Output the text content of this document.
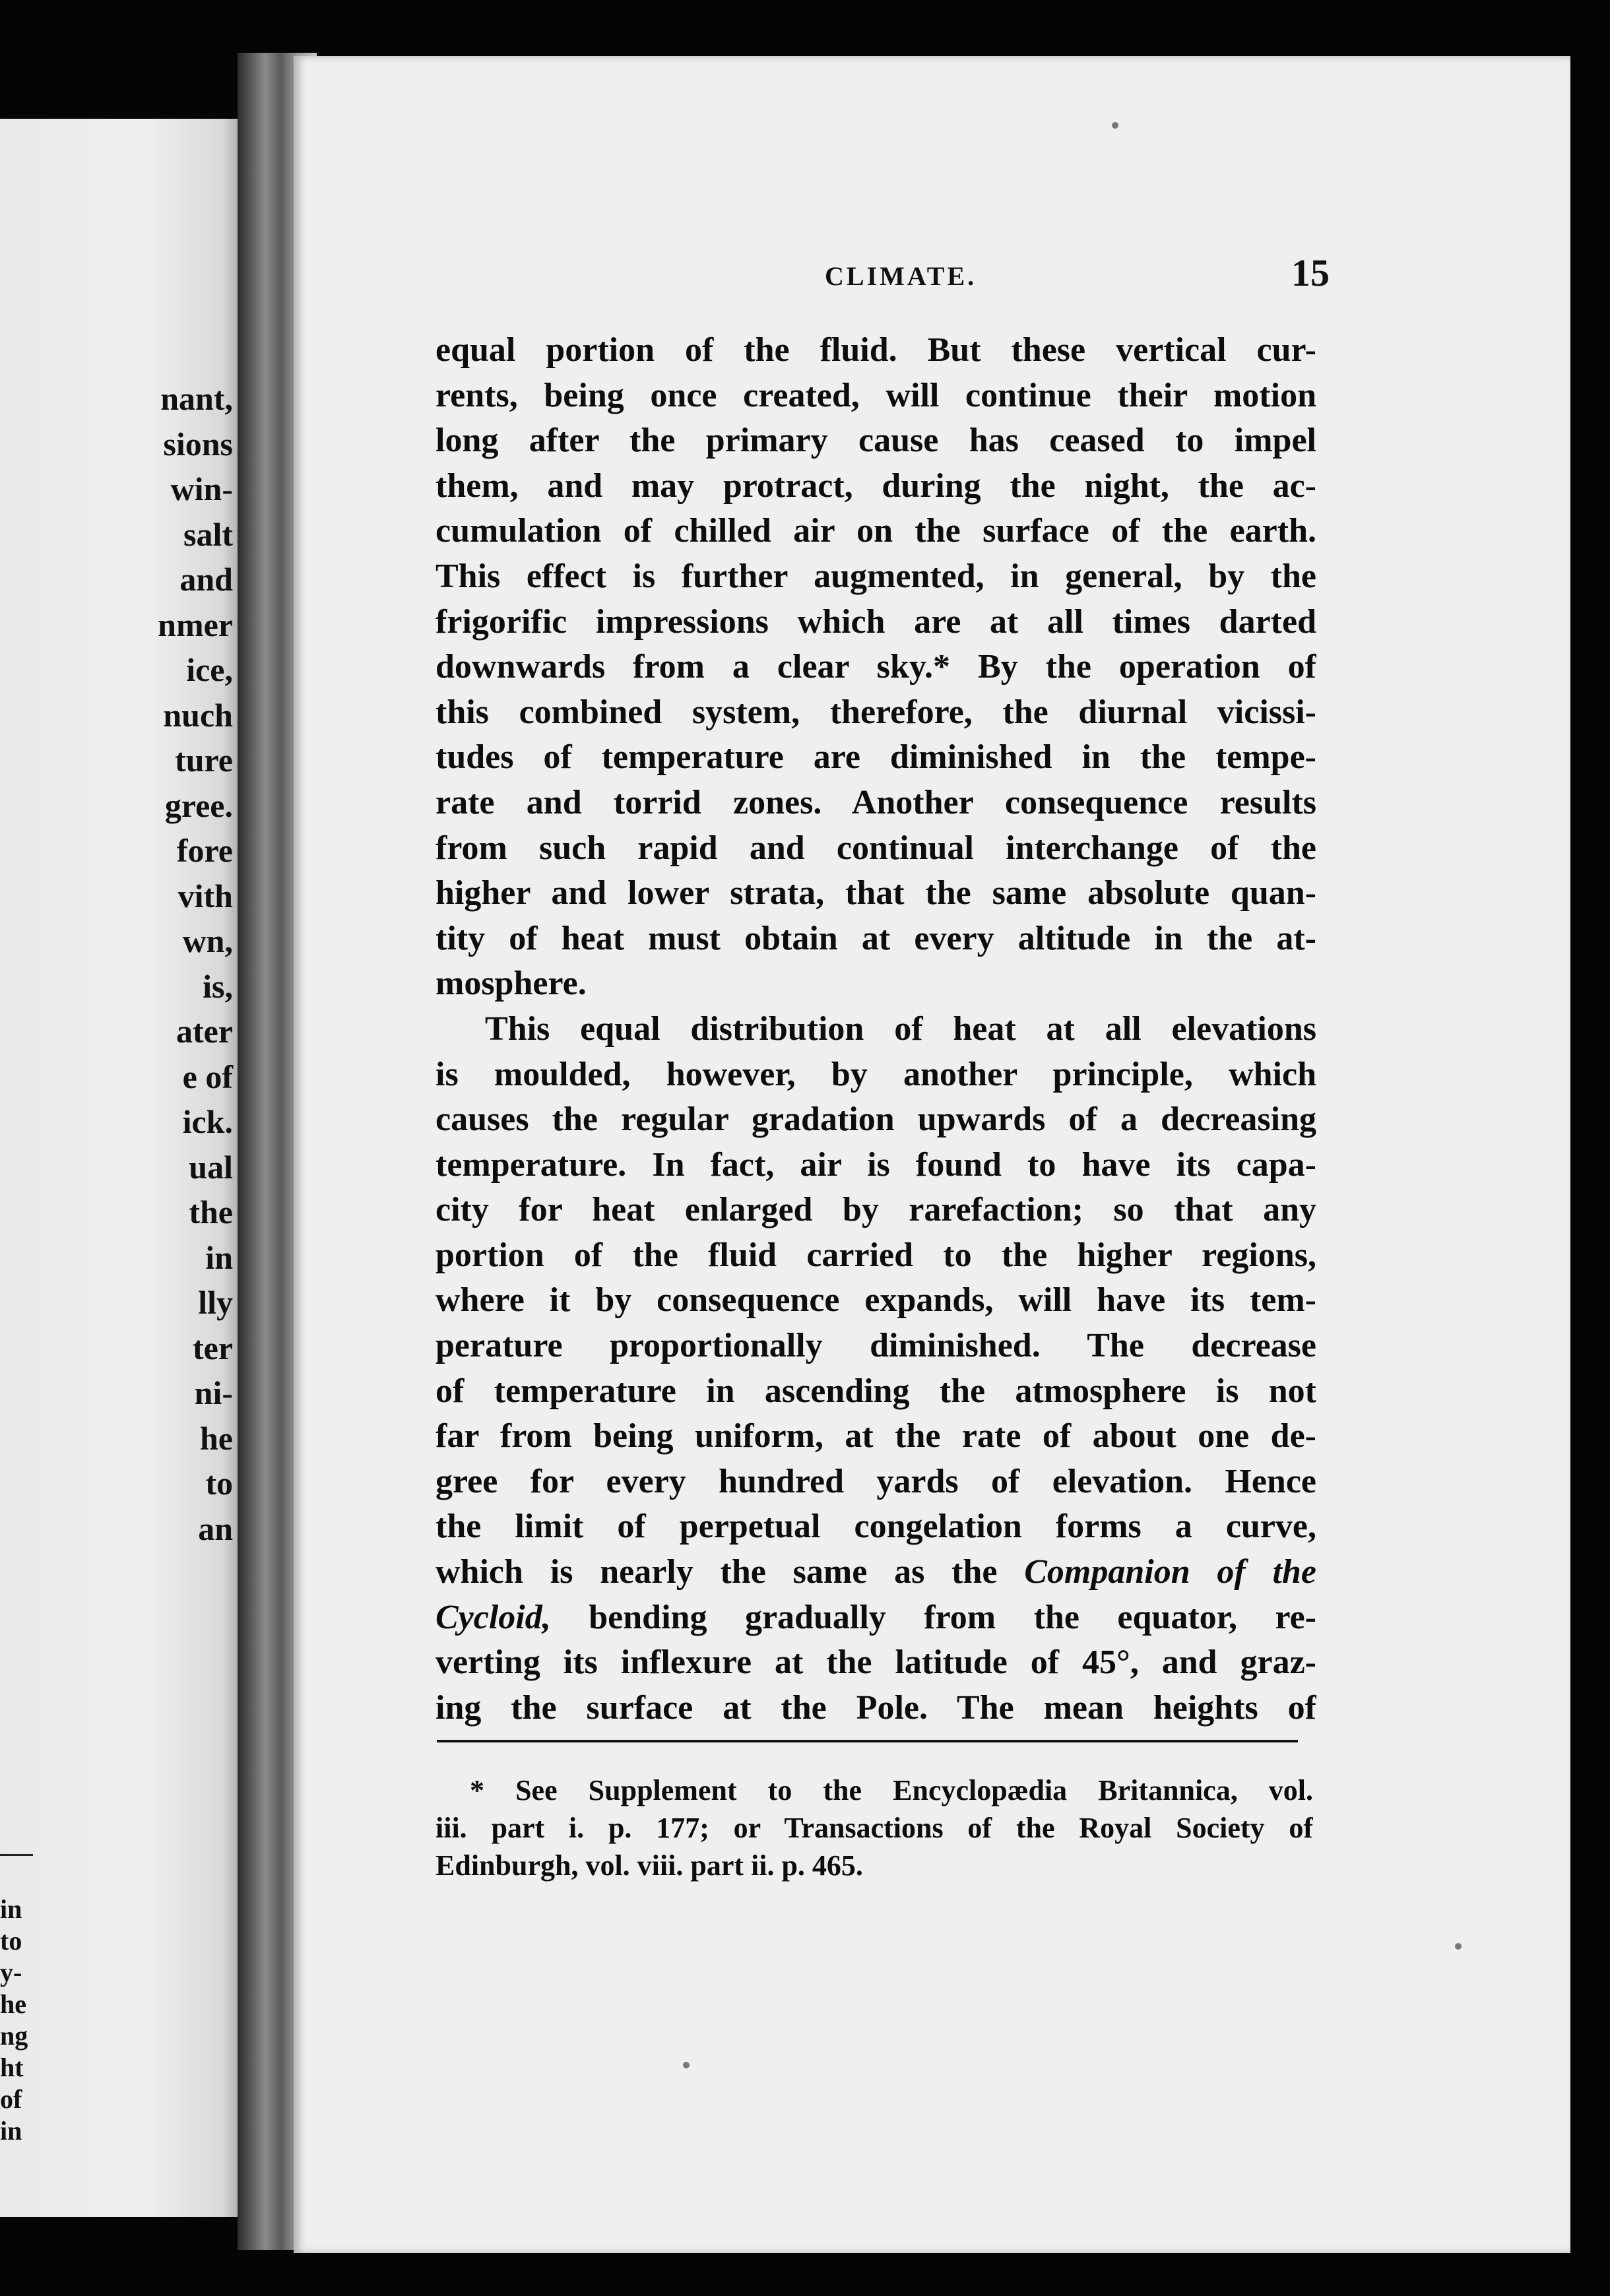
nant,
sions
win-
salt
and
nmer
ice,
nuch
ture
gree.
fore
vith
wn,
is,
ater
e of
ick.
ual
the
in
lly
ter
ni-
he
to
an
in
to
y-
he
ng
ht
of
in
CLIMATE.	15
equal portion of the fluid. But these vertical cur-
rents, being once created, will continue their motion
long after the primary cause has ceased to impel
them, and may protract, during the night, the ac-
cumulation of chilled air on the surface of the earth.
This effect is further augmented, in general, by the
frigorific impressions which are at all times darted
downwards from a clear sky.* By the operation of
this combined system, therefore, the diurnal vicissi-
tudes of temperature are diminished in the tempe-
rate and torrid zones. Another consequence results
from such rapid and continual interchange of the
higher and lower strata, that the same absolute quan-
tity of heat must obtain at every altitude in the at-
mosphere.
This equal distribution of heat at all elevations
is moulded, however, by another principle, which
causes the regular gradation upwards of a decreasing
temperature. In fact, air is found to have its capa-
city for heat enlarged by rarefaction; so that any
portion of the fluid carried to the higher regions,
where it by consequence expands, will have its tem-
perature proportionally diminished. The decrease
of temperature in ascending the atmosphere is not
far from being uniform, at the rate of about one de-
gree for every hundred yards of elevation. Hence
the limit of perpetual congelation forms a curve,
which is nearly the same as the Companion of the
Cycloid, bending gradually from the equator, re-
verting its inflexure at the latitude of 45°, and graz-
ing the surface at the Pole. The mean heights of
* See Supplement to the Encyclopædia Britannica, vol.
iii. part i. p. 177; or Transactions of the Royal Society of
Edinburgh, vol. viii. part ii. p. 465.
